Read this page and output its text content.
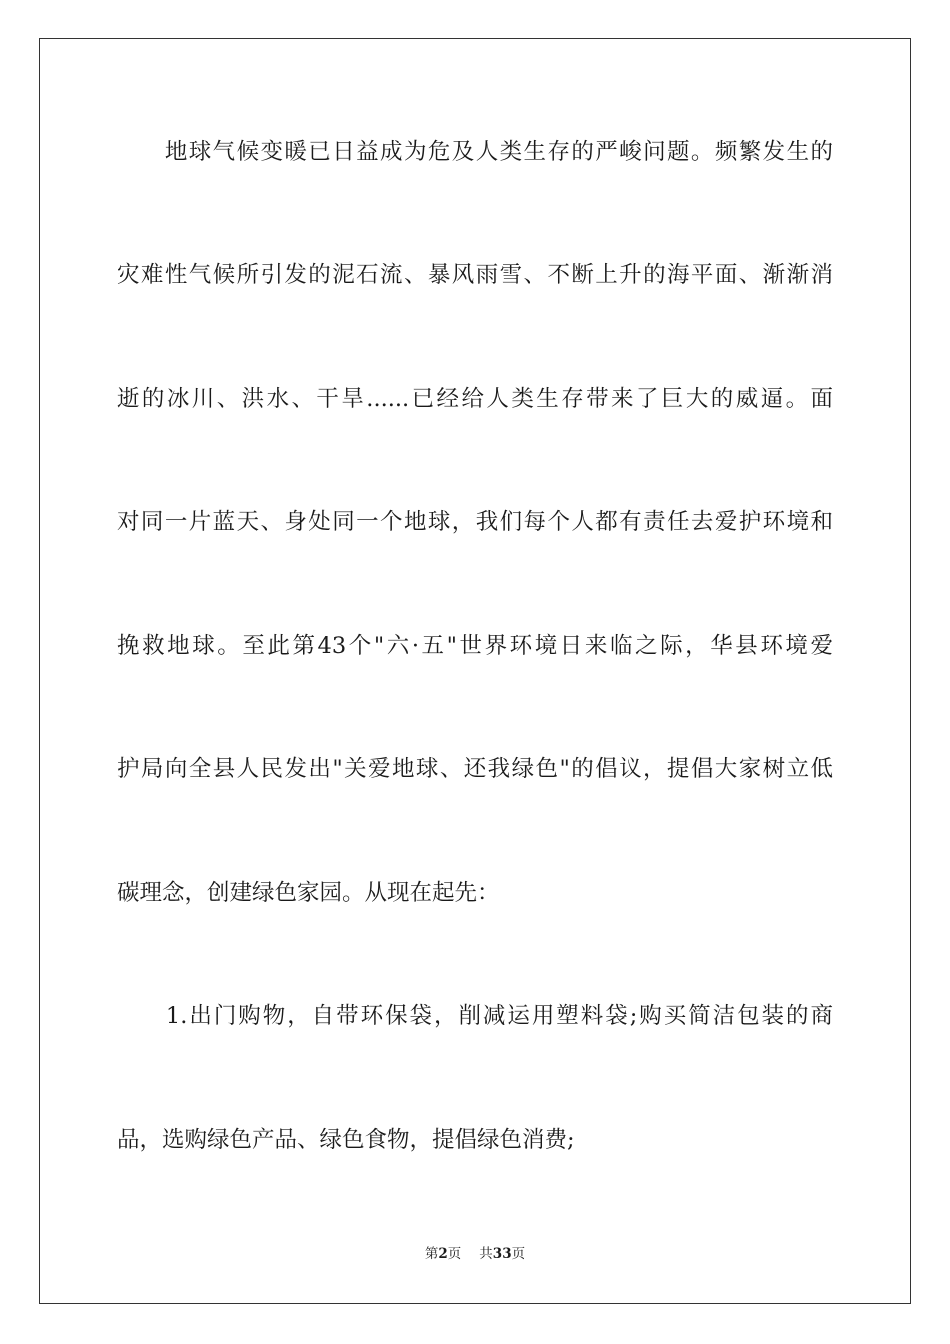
　　地球气候变暖已日益成为危及人类生存的严峻问题。频繁发生的
灾难性气候所引发的泥石流、暴风雨雪、不断上升的海平面、渐渐消
逝的冰川、洪水、干旱......已经给人类生存带来了巨大的威逼。面
对同一片蓝天、身处同一个地球，我们每个人都有责任去爱护环境和
挽救地球。至此第43个"六·五"世界环境日来临之际，华县环境爱
护局向全县人民发出"关爱地球、还我绿色"的倡议，提倡大家树立低
碳理念，创建绿色家园。从现在起先：
　　1.出门购物，自带环保袋，削减运用塑料袋;购买简洁包装的商
品，选购绿色产品、绿色食物，提倡绿色消费;
第2页 共33页
